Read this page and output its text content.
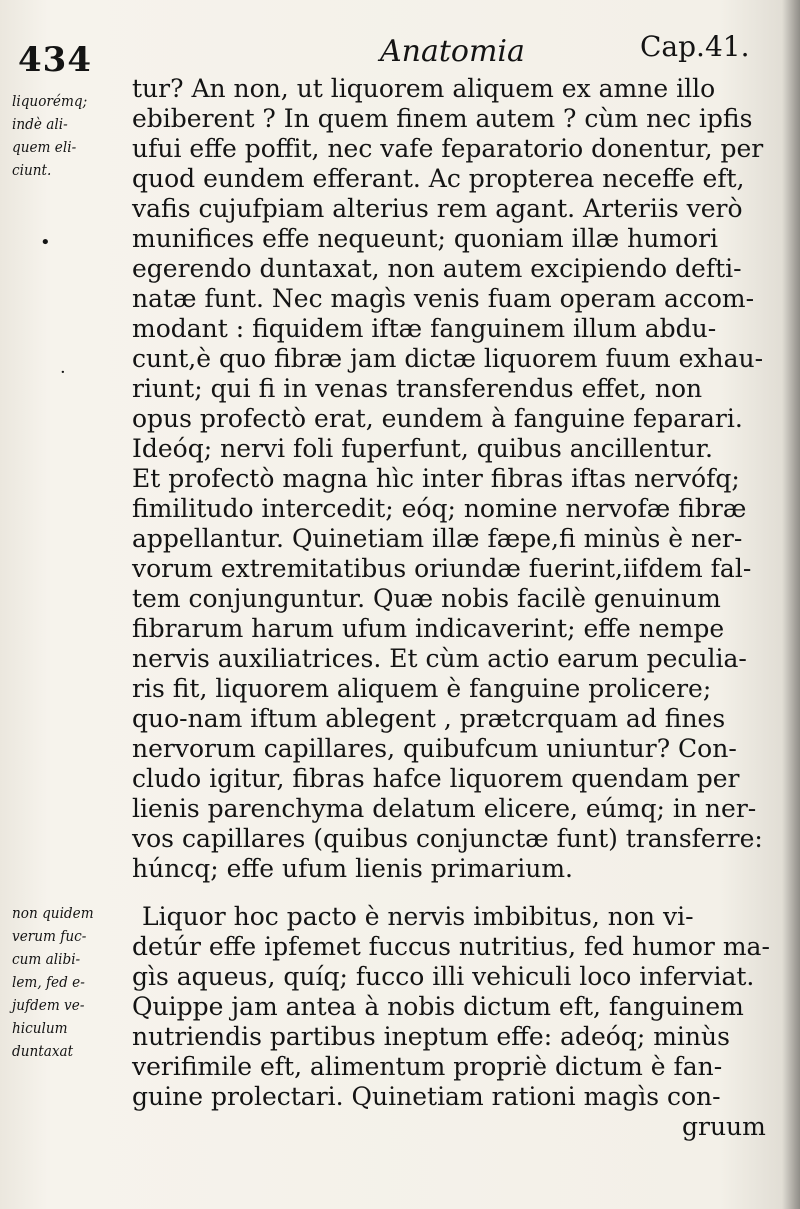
434	Anatomia	Cap.41.
liquorémq;
indè ali-
quem eli-
ciunt.
non quidem
verum fuc-
cum alibi-
lem, fed e-
jufdem ve-
hiculum
duntaxat
•
·
tur? An non, ut liquorem aliquem ex amne illo
ebiberent ? In quem finem autem ? cùm nec ipfis
ufui effe poffit, nec vafe feparatorio donentur, per
quod eundem efferant. Ac propterea neceffe eft,
vafis cujufpiam alterius rem agant. Arteriis verò
munifices effe nequeunt; quoniam illæ humori
egerendo duntaxat, non autem excipiendo defti-
natæ funt. Nec magìs venis fuam operam accom-
modant : fiquidem iftæ fanguinem illum abdu-
cunt,è quo fibræ jam dictæ liquorem fuum exhau-
riunt; qui fi in venas transferendus effet, non
opus profectò erat, eundem à fanguine feparari.
Ideóq; nervi foli fuperfunt, quibus ancillentur.
Et profectò magna hìc inter fibras iftas nervófq;
fimilitudo intercedit; eóq; nomine nervofæ fibræ
appellantur. Quinetiam illæ fæpe,fi minùs è ner-
vorum extremitatibus oriundæ fuerint,iifdem fal-
tem conjunguntur. Quæ nobis facilè genuinum
fibrarum harum ufum indicaverint; effe nempe
nervis auxiliatrices. Et cùm actio earum peculia-
ris fit, liquorem aliquem è fanguine prolicere;
quo-nam iftum ablegent , prætcrquam ad fines
nervorum capillares, quibufcum uniuntur? Con-
cludo igitur, fibras hafce liquorem quendam per
lienis parenchyma delatum elicere, eúmq; in ner-
vos capillares (quibus conjunctæ funt) transferre:
húncq; effe ufum lienis primarium.
Liquor hoc pacto è nervis imbibitus, non vi-
detúr effe ipfemet fuccus nutritius, fed humor ma-
gìs aqueus, quíq; fucco illi vehiculi loco inferviat.
Quippe jam antea à nobis dictum eft, fanguinem
nutriendis partibus ineptum effe: adeóq; minùs
verifimile eft, alimentum propriè dictum è fan-
guine prolectari. Quinetiam rationi magìs con-
gruum
